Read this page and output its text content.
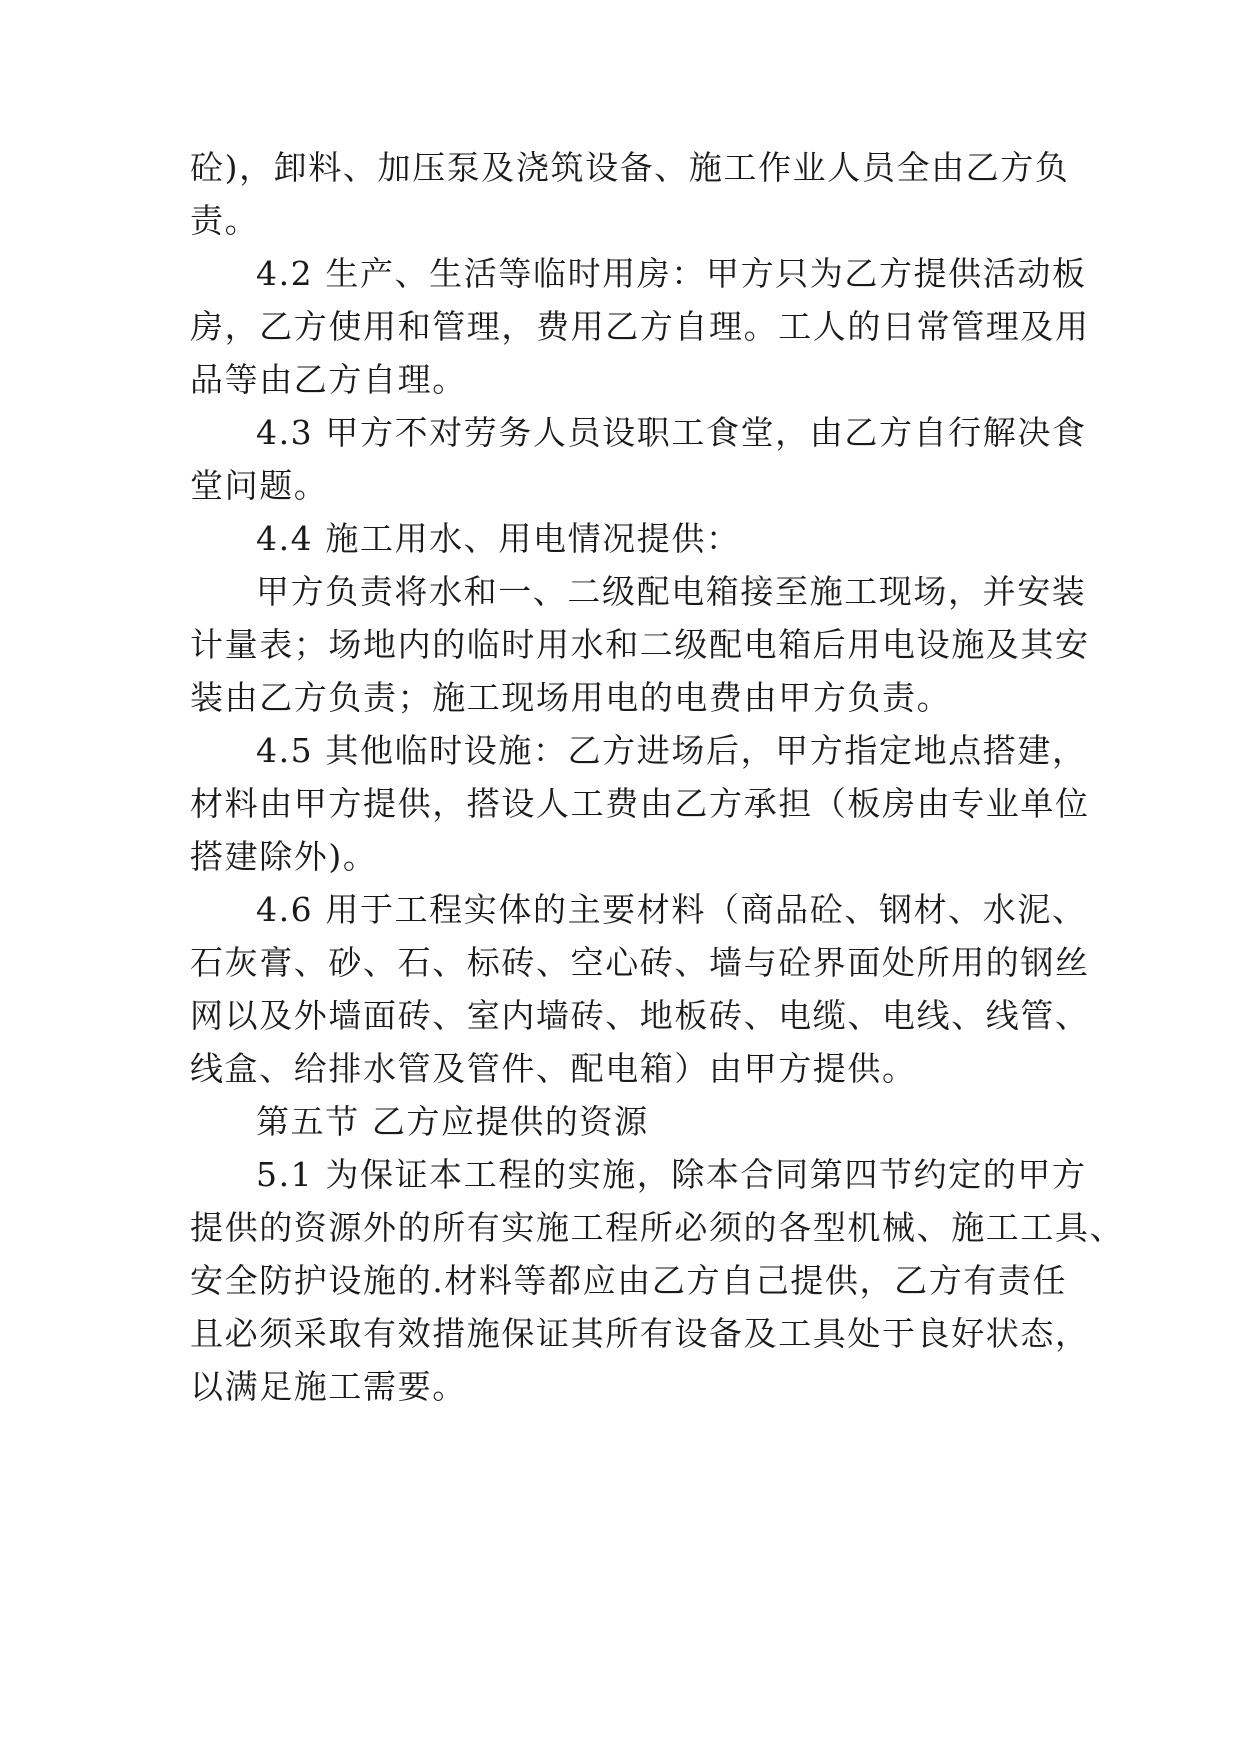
砼)，卸料、加压泵及浇筑设备、施工作业人员全由乙方负
责。
4.2 生产、生活等临时用房：甲方只为乙方提供活动板
房，乙方使用和管理，费用乙方自理。工人的日常管理及用
品等由乙方自理。
4.3 甲方不对劳务人员设职工食堂，由乙方自行解决食
堂问题。
4.4 施工用水、用电情况提供：
甲方负责将水和一、二级配电箱接至施工现场，并安装
计量表；场地内的临时用水和二级配电箱后用电设施及其安
装由乙方负责；施工现场用电的电费由甲方负责。
4.5 其他临时设施：乙方进场后，甲方指定地点搭建，
材料由甲方提供，搭设人工费由乙方承担（板房由专业单位
搭建除外)。
4.6 用于工程实体的主要材料（商品砼、钢材、水泥、
石灰膏、砂、石、标砖、空心砖、墙与砼界面处所用的钢丝
网以及外墙面砖、室内墙砖、地板砖、电缆、电线、线管、
线盒、给排水管及管件、配电箱）由甲方提供。
第五节 乙方应提供的资源
5.1 为保证本工程的实施，除本合同第四节约定的甲方
提供的资源外的所有实施工程所必须的各型机械、施工工具、
安全防护设施的.材料等都应由乙方自己提供，乙方有责任
且必须采取有效措施保证其所有设备及工具处于良好状态，
以满足施工需要。
